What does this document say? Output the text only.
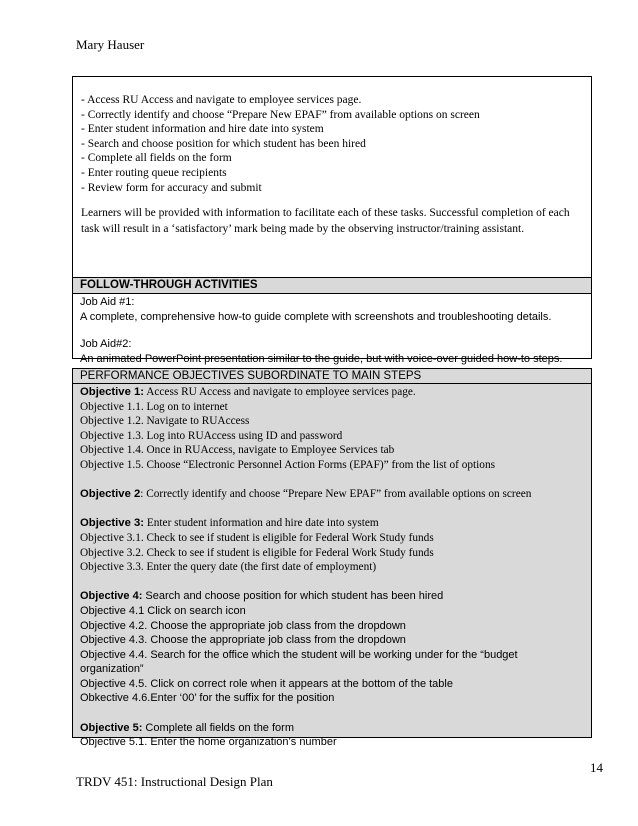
Mary Hauser
- Access RU Access and navigate to employee services page.
- Correctly identify and choose “Prepare New EPAF” from available options on screen
- Enter student information and hire date into system
- Search and choose position for which student has been hired
- Complete all fields on the form
- Enter routing queue recipients
- Review form for accuracy and submit
Learners will be provided with information to facilitate each of these tasks. Successful completion of each task will result in a ‘satisfactory’ mark being made by the observing instructor/training assistant.
FOLLOW-THROUGH ACTIVITIES
Job Aid #1:
A complete, comprehensive how-to guide complete with screenshots and troubleshooting details.
Job Aid#2:
An animated PowerPoint presentation similar to the guide, but with voice-over guided how-to steps.
PERFORMANCE OBJECTIVES SUBORDINATE TO MAIN STEPS
Objective 1: Access RU Access and navigate to employee services page.
Objective 1.1. Log on to internet
Objective 1.2. Navigate to RUAccess
Objective 1.3. Log into RUAccess using ID and password
Objective 1.4. Once in RUAccess, navigate to Employee Services tab
Objective 1.5. Choose “Electronic Personnel Action Forms (EPAF)” from the list of options
Objective 2: Correctly identify and choose “Prepare New EPAF” from available options on screen
Objective 3: Enter student information and hire date into system
Objective 3.1. Check to see if student is eligible for Federal Work Study funds
Objective 3.2. Check to see if student is eligible for Federal Work Study funds
Objective 3.3. Enter the query date (the first date of employment)
Objective 4: Search and choose position for which student has been hired
Objective 4.1 Click on search icon
Objective 4.2. Choose the appropriate job class from the dropdown
Objective 4.3. Choose the appropriate job class from the dropdown
Objective 4.4. Search for the office which the student will be working under for the “budget organization”
Objective 4.5. Click on correct role when it appears at the bottom of the table
Obkective 4.6.Enter ‘00’ for the suffix for the position
Objective 5: Complete all fields on the form
Objective 5.1. Enter the home organization’s number
14
TRDV 451: Instructional Design Plan
